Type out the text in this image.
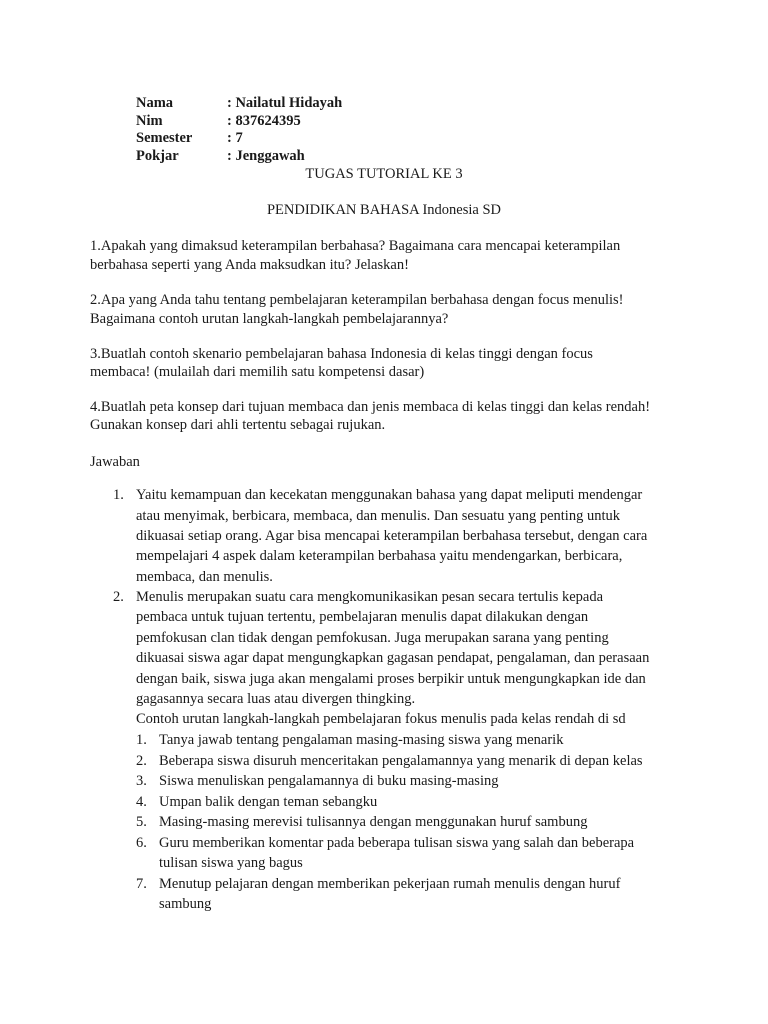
Nama	: Nailatul Hidayah
Nim	: 837624395
Semester : 7
Pokjar	: Jenggawah
TUGAS TUTORIAL KE 3
PENDIDIKAN BAHASA Indonesia SD
1.Apakah yang dimaksud keterampilan berbahasa? Bagaimana cara mencapai keterampilan
berbahasa seperti yang Anda maksudkan itu? Jelaskan!
2.Apa yang Anda tahu tentang pembelajaran keterampilan berbahasa dengan focus menulis!
Bagaimana contoh urutan langkah-langkah pembelajarannya?
3.Buatlah contoh skenario pembelajaran bahasa Indonesia di kelas tinggi dengan focus
membaca! (mulailah dari memilih satu kompetensi dasar)
4.Buatlah peta konsep dari tujuan membaca dan jenis membaca di kelas tinggi dan kelas rendah!
Gunakan konsep dari ahli tertentu sebagai rujukan.
Jawaban
1. Yaitu kemampuan dan kecekatan menggunakan bahasa yang dapat meliputi mendengar
atau menyimak, berbicara, membaca, dan menulis. Dan sesuatu yang penting untuk
dikuasai setiap orang. Agar bisa mencapai keterampilan berbahasa tersebut, dengan cara
mempelajari 4 aspek dalam keterampilan berbahasa yaitu mendengarkan, berbicara,
membaca, dan menulis.
2. Menulis merupakan suatu cara mengkomunikasikan pesan secara tertulis kepada
pembaca untuk tujuan tertentu, pembelajaran menulis dapat dilakukan dengan
pemfokusan clan tidak dengan pemfokusan. Juga merupakan sarana yang penting
dikuasai siswa agar dapat mengungkapkan gagasan pendapat, pengalaman, dan perasaan
dengan baik, siswa juga akan mengalami proses berpikir untuk mengungkapkan ide dan
gagasannya secara luas atau divergen thingking.
Contoh urutan langkah-langkah pembelajaran fokus menulis pada kelas rendah di sd
1. Tanya jawab tentang pengalaman masing-masing siswa yang menarik
2. Beberapa siswa disuruh menceritakan pengalamannya yang menarik di depan kelas
3. Siswa menuliskan pengalamannya di buku masing-masing
4. Umpan balik dengan teman sebangku
5. Masing-masing merevisi tulisannya dengan menggunakan huruf sambung
6. Guru memberikan komentar pada beberapa tulisan siswa yang salah dan beberapa
tulisan siswa yang bagus
7. Menutup pelajaran dengan memberikan pekerjaan rumah menulis dengan huruf
sambung
